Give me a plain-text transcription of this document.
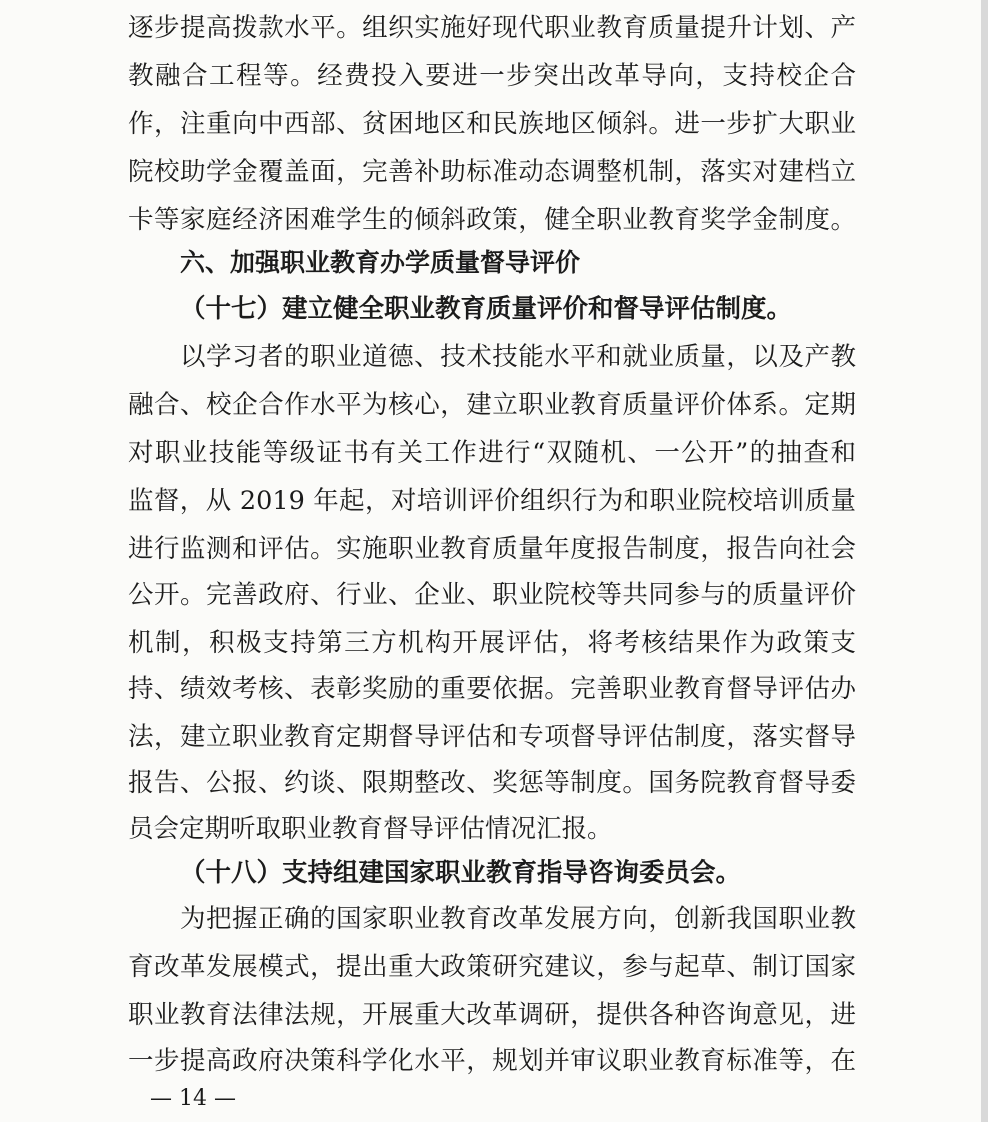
逐步提高拨款水平。组织实施好现代职业教育质量提升计划、产
教融合工程等。经费投入要进一步突出改革导向，支持校企合
作，注重向中西部、贫困地区和民族地区倾斜。进一步扩大职业
院校助学金覆盖面，完善补助标准动态调整机制，落实对建档立
卡等家庭经济困难学生的倾斜政策，健全职业教育奖学金制度。
六、加强职业教育办学质量督导评价
（十七）建立健全职业教育质量评价和督导评估制度。
以学习者的职业道德、技术技能水平和就业质量，以及产教
融合、校企合作水平为核心，建立职业教育质量评价体系。定期
对职业技能等级证书有关工作进行“双随机、一公开”的抽查和
监督，从 2019 年起，对培训评价组织行为和职业院校培训质量
进行监测和评估。实施职业教育质量年度报告制度，报告向社会
公开。完善政府、行业、企业、职业院校等共同参与的质量评价
机制，积极支持第三方机构开展评估，将考核结果作为政策支
持、绩效考核、表彰奖励的重要依据。完善职业教育督导评估办
法，建立职业教育定期督导评估和专项督导评估制度，落实督导
报告、公报、约谈、限期整改、奖惩等制度。国务院教育督导委
员会定期听取职业教育督导评估情况汇报。
（十八）支持组建国家职业教育指导咨询委员会。
为把握正确的国家职业教育改革发展方向，创新我国职业教
育改革发展模式，提出重大政策研究建议，参与起草、制订国家
职业教育法律法规，开展重大改革调研，提供各种咨询意见，进
一步提高政府决策科学化水平，规划并审议职业教育标准等，在
— 14 —
